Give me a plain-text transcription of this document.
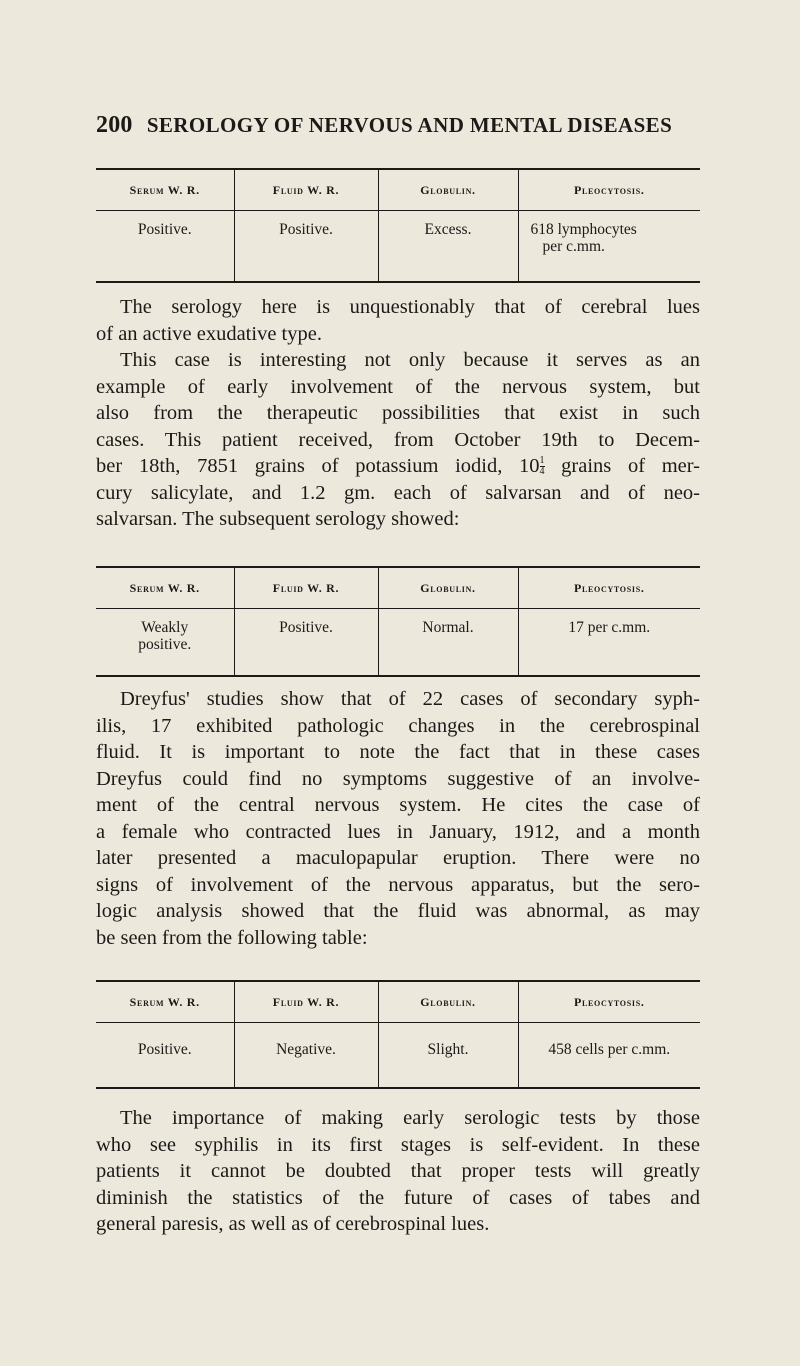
200 SEROLOGY OF NERVOUS AND MENTAL DISEASES
Serum W. R.	Fluid W. R.	Globulin.	Pleocytosis.
Positive.	Positive.	Excess.	618 lymphocytes
per c.mm.

The serology here is unquestionably that of cerebral lues
of an active exudative type.

This case is interesting not only because it serves as an
example of early involvement of the nervous system, but
also from the therapeutic possibilities that exist in such
cases. This patient received, from October 19th to Decem-
ber 18th, 7851 grains of potassium iodid, $10 \frac{1}{4}$ grains of mer-
cury salicylate, and 1.2 gm. each of salvarsan and of neo-
salvarsan. The subsequent serology showed:

Serum W. R.	Fluid W. R.	Globulin.	Pleocytosis.

Weakly
positive.	Positive.	Normal.	17 per c.mm.

Dreyfus' studies show that of 22 cases of secondary syph-
ilis, 17 exhibited pathologic changes in the cerebrospinal
fluid. It is important to note the fact that in these cases
Dreyfus could find no symptoms suggestive of an involve-
ment of the central nervous system. He cites the case of
a female who contracted lues in January, 1912, and a month
later presented a maculopapular eruption. There were no
signs of involvement of the nervous apparatus, but the sero-
logic analysis showed that the fluid was abnormal, as may
be seen from the following table:

Serum W. R.	Fluid W. R.	Globulin.	Pleocytosis.
Positive.	Negative.	Slight.	458 cells per c.mm.

The importance of making early serologic tests by those
who see syphilis in its first stages is self-evident. In these
patients it cannot be doubted that proper tests will greatly
diminish the statistics of the future of cases of tabes and
general paresis, as well as of cerebrospinal lues.
